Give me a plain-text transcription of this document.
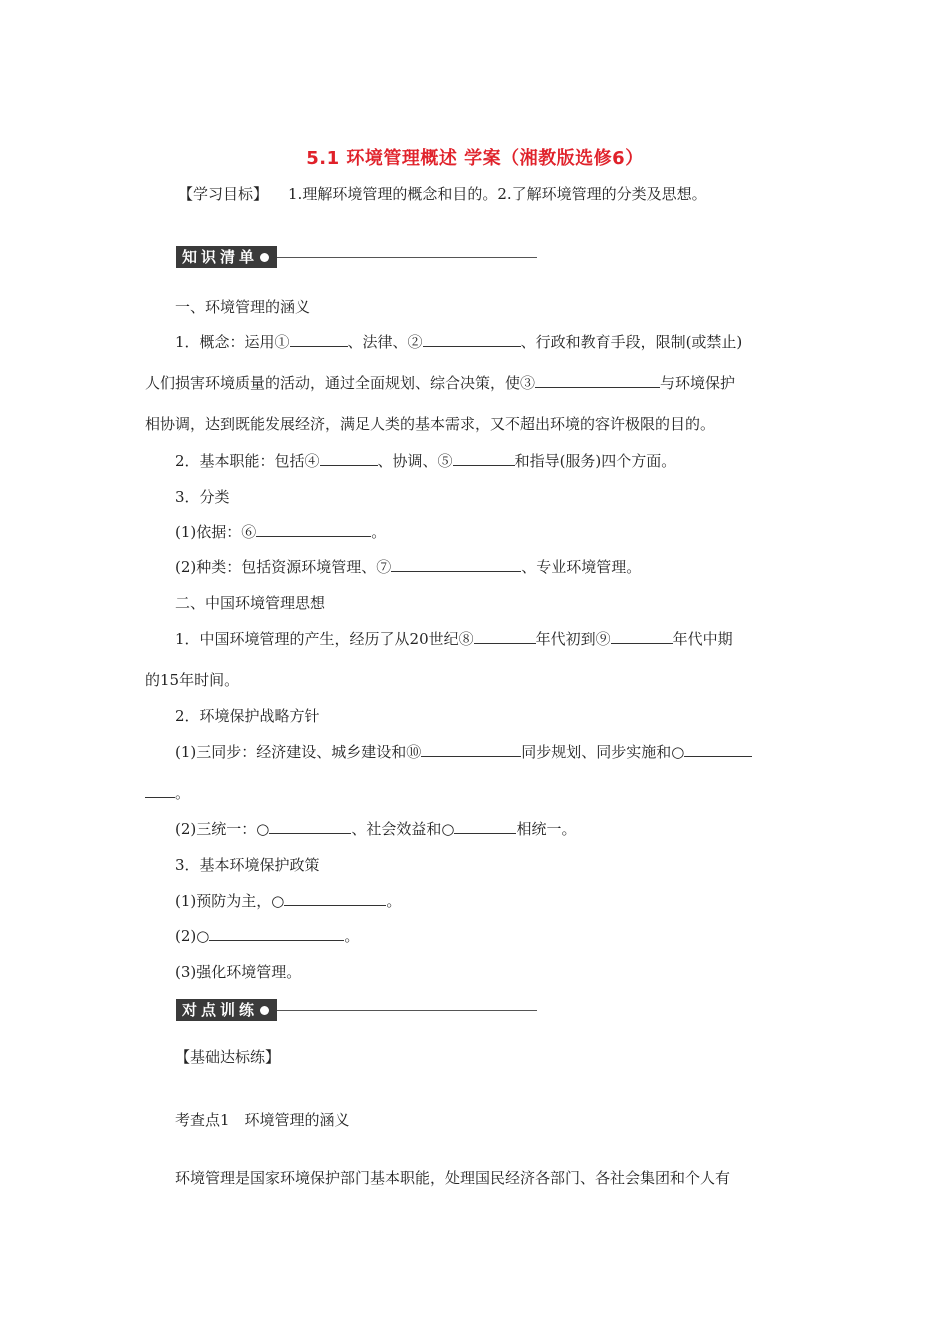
5.1 环境管理概述 学案（湘教版选修6）
【学习目标】 1.理解环境管理的概念和目的。2.了解环境管理的分类及思想。
知识清单
一、环境管理的涵义
1．概念：运用①	、法律、②	、行政和教育手段，限制(或禁止)
人们损害环境质量的活动，通过全面规划、综合决策，使③	与环境保护
相协调，达到既能发展经济，满足人类的基本需求，又不超出环境的容许极限的目的。
2．基本职能：包括④	、协调、⑤	和指导(服务)四个方面。
3．分类
(1)依据：⑥	。
(2)种类：包括资源环境管理、⑦	、专业环境管理。
二、中国环境管理思想
1．中国环境管理的产生，经历了从20世纪⑧	年代初到⑨	年代中期
的15年时间。
2．环境保护战略方针
(1)三同步：经济建设、城乡建设和⑩	同步规划、同步实施和○
。
(2)三统一：○	、社会效益和○	相统一。
3．基本环境保护政策
(1)预防为主，○	。
(2)○	。
(3)强化环境管理。
对点训练
【基础达标练】
考查点1　环境管理的涵义
环境管理是国家环境保护部门基本职能，处理国民经济各部门、各社会集团和个人有
